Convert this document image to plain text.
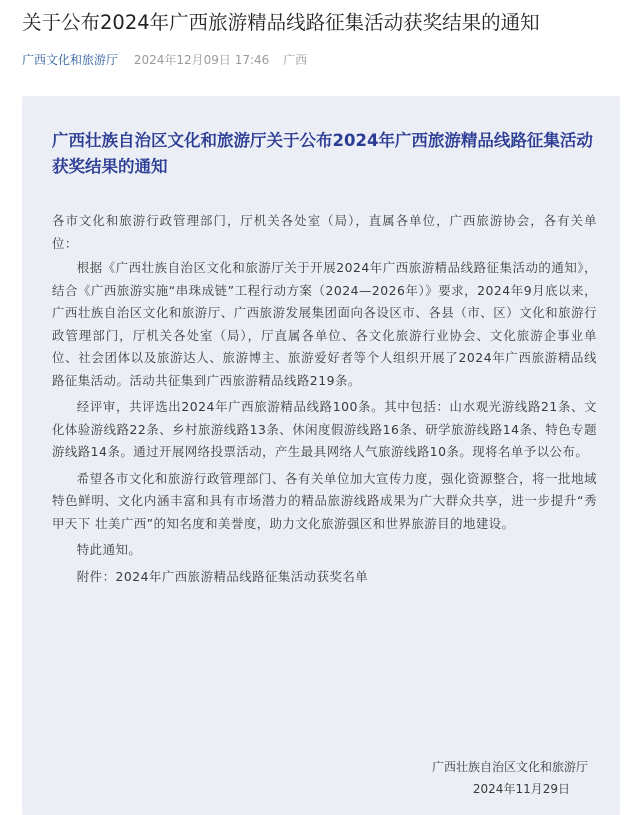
关于公布2024年广西旅游精品线路征集活动获奖结果的通知
广西文化和旅游厅 2024年12月09日 17:46 广西
广西壮族自治区文化和旅游厅关于公布2024年广西旅游精品线路征集活动获奖结果的通知

各市文化和旅游行政管理部门，厅机关各处室（局），直属各单位，广西旅游协会，各有关单位：

根据《广西壮族自治区文化和旅游厅关于开展2024年广西旅游精品线路征集活动的通知》，结合《广西旅游实施“串珠成链”工程行动方案（2024—2026年）》要求，2024年9月底以来，广西壮族自治区文化和旅游厅、广西旅游发展集团面向各设区市、各县（市、区）文化和旅游行政管理部门，厅机关各处室（局），厅直属各单位、各文化旅游行业协会、文化旅游企事业单位、社会团体以及旅游达人、旅游博主、旅游爱好者等个人组织开展了2024年广西旅游精品线路征集活动。活动共征集到广西旅游精品线路219条。

经评审，共评选出2024年广西旅游精品线路100条。其中包括：山水观光游线路21条、文化体验游线路22条、乡村旅游线路13条、休闲度假游线路16条、研学旅游线路14条、特色专题游线路14条。通过开展网络投票活动，产生最具网络人气旅游线路10条。现将名单予以公布。

希望各市文化和旅游行政管理部门、各有关单位加大宣传力度，强化资源整合，将一批地域特色鲜明、文化内涵丰富和具有市场潜力的精品旅游线路成果为广大群众共享，进一步提升“秀甲天下 壮美广西”的知名度和美誉度，助力文化旅游强区和世界旅游目的地建设。

特此通知。

附件：2024年广西旅游精品线路征集活动获奖名单

广西壮族自治区文化和旅游厅
2024年11月29日
